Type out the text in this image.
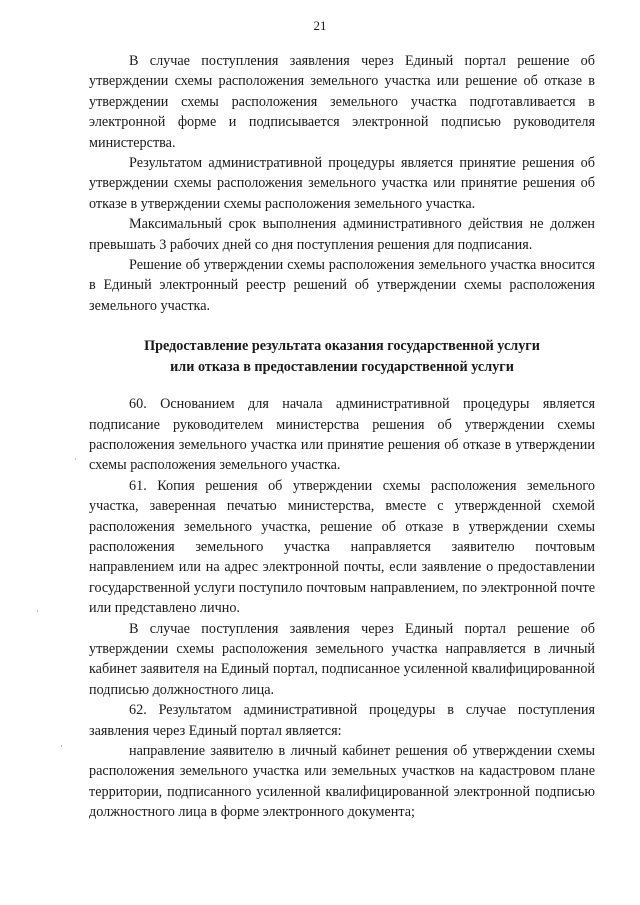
21

В случае поступления заявления через Единый портал решение об утверждении схемы расположения земельного участка или решение об отказе в утверждении схемы расположения земельного участка подготавливается в электронной форме и подписывается электронной подписью руководителя министерства.

Результатом административной процедуры является принятие решения об утверждении схемы расположения земельного участка или принятие решения об отказе в утверждении схемы расположения земельного участка.

Максимальный срок выполнения административного действия не должен превышать 3 рабочих дней со дня поступления решения для подписания.

Решение об утверждении схемы расположения земельного участка вносится в Единый электронный реестр решений об утверждении схемы расположения земельного участка.

Предоставление результата оказания государственной услуги
или отказа в предоставлении государственной услуги

60. Основанием для начала административной процедуры является подписание руководителем министерства решения об утверждении схемы расположения земельного участка или принятие решения об отказе в утверждении схемы расположения земельного участка.

61. Копия решения об утверждении схемы расположения земельного участка, заверенная печатью министерства, вместе с утвержденной схемой расположения земельного участка, решение об отказе в утверждении схемы расположения земельного участка направляется заявителю почтовым направлением или на адрес электронной почты, если заявление о предоставлении государственной услуги поступило почтовым направлением, по электронной почте или представлено лично.

В случае поступления заявления через Единый портал решение об утверждении схемы расположения земельного участка направляется в личный кабинет заявителя на Единый портал, подписанное усиленной квалифицированной подписью должностного лица.

62. Результатом административной процедуры в случае поступления заявления через Единый портал является:

направление заявителю в личный кабинет решения об утверждении схемы расположения земельного участка или земельных участков на кадастровом плане территории, подписанного усиленной квалифицированной электронной подписью должностного лица в форме электронного документа;

·
·
·
